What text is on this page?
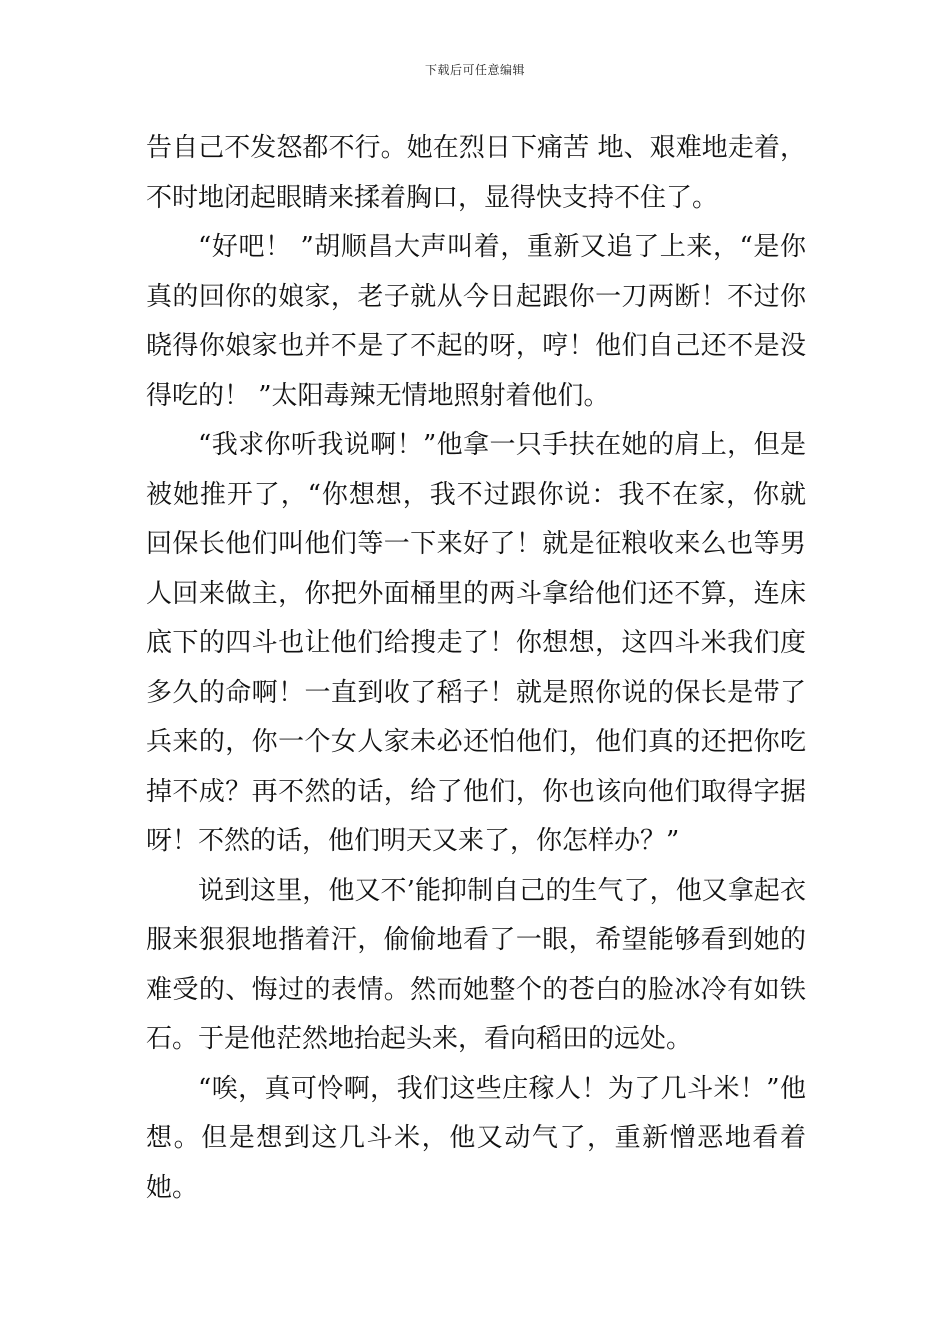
下载后可任意编辑

告自己不发怒都不行。她在烈日下痛苦 地、艰难地走着，不时地闭起眼睛来揉着胸口，显得快支持不住了。

“好吧！ ”胡顺昌大声叫着，重新又追了上来，“是你真的回你的娘家，老子就从今日起跟你一刀两断！不过你晓得你娘家也并不是了不起的呀，哼！他们自己还不是没得吃的！ ”太阳毒辣无情地照射着他们。

“我求你听我说啊！”他拿一只手扶在她的肩上，但是被她推开了，“你想想，我不过跟你说：我不在家，你就回保长他们叫他们等一下来好了！就是征粮收来么也等男人回来做主，你把外面桶里的两斗拿给他们还不算，连床底下的四斗也让他们给搜走了！你想想，这四斗米我们度多久的命啊！一直到收了稻子！就是照你说的保长是带了兵来的，你一个女人家未必还怕他们，他们真的还把你吃掉不成？再不然的话，给了他们，你也该向他们取得字据呀！不然的话，他们明天又来了，你怎样办？”

说到这里，他又不’能抑制自己的生气了，他又拿起衣服来狠狠地揩着汗，偷偷地看了一眼，希望能够看到她的难受的、悔过的表情。然而她整个的苍白的脸冰冷有如铁石。于是他茫然地抬起头来，看向稻田的远处。

“唉，真可怜啊，我们这些庄稼人！为了几斗米！”他想。但是想到这几斗米，他又动气了，重新憎恶地看着她。
